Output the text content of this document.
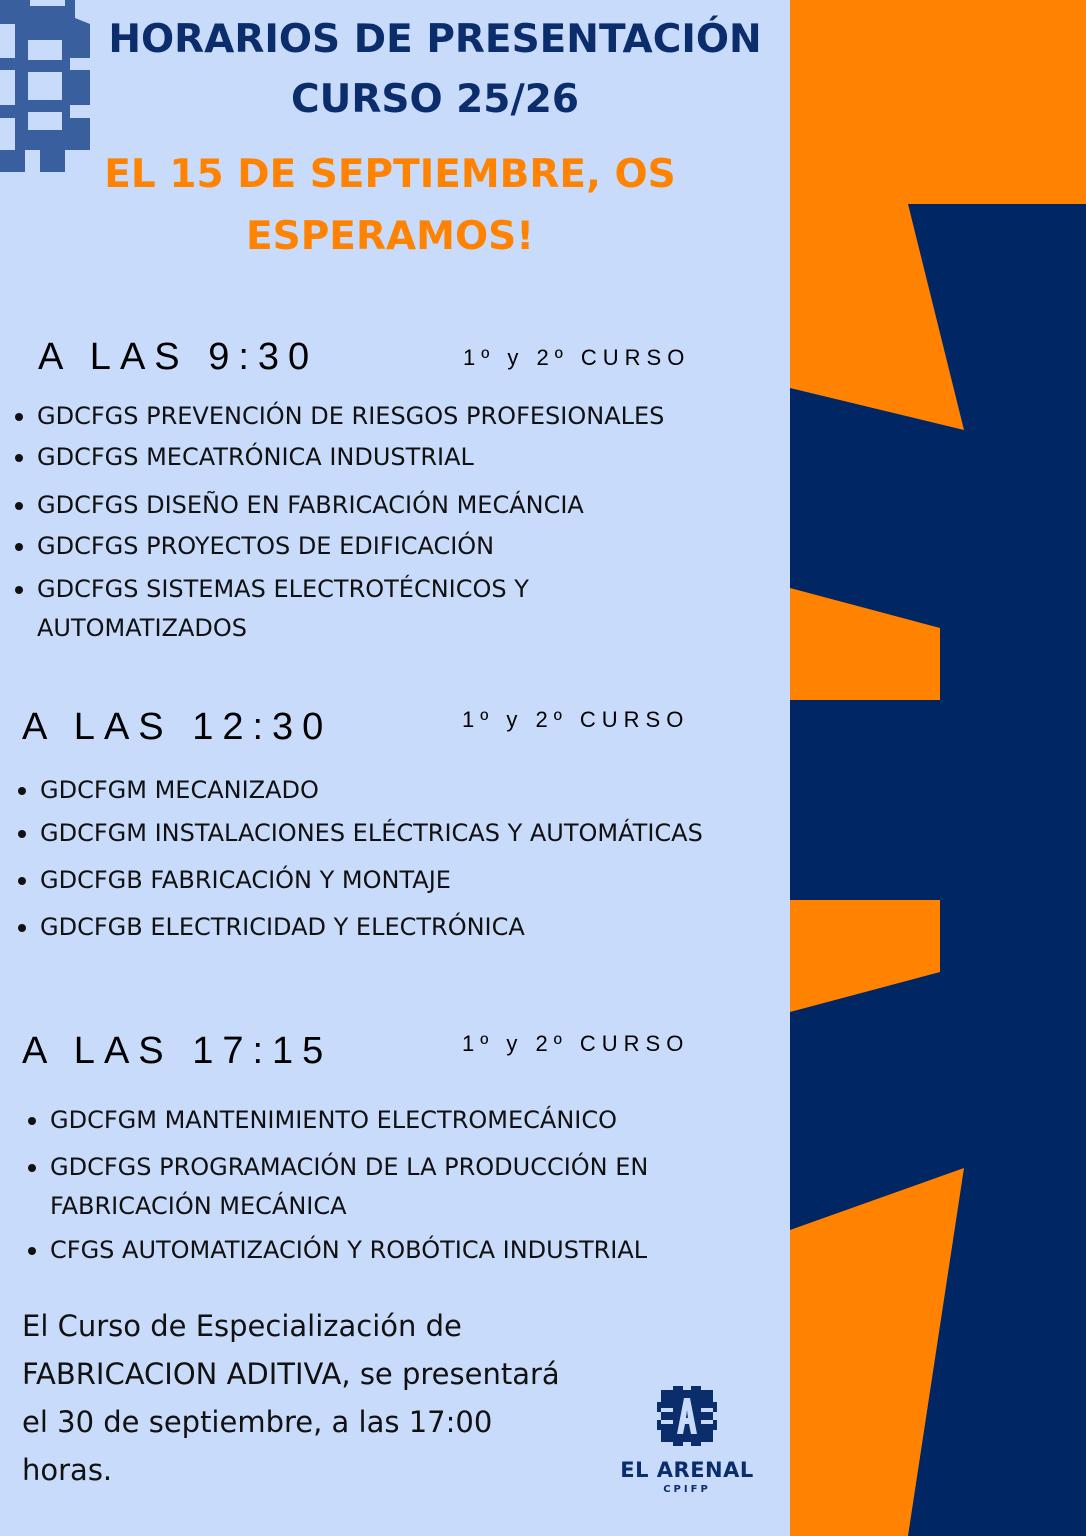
HORARIOS DE PRESENTACIÓN
CURSO 25/26
EL 15 DE SEPTIEMBRE, OS
ESPERAMOS!
A LAS 9:30	1º y 2º CURSO
GDCFGS PREVENCIÓN DE RIESGOS PROFESIONALES
GDCFGS MECATRÓNICA INDUSTRIAL
GDCFGS DISEÑO EN FABRICACIÓN MECÁNCIA
GDCFGS PROYECTOS DE EDIFICACIÓN
GDCFGS SISTEMAS ELECTROTÉCNICOS Y
AUTOMATIZADOS
A LAS 12:30	1º y 2º CURSO
GDCFGM MECANIZADO
GDCFGM INSTALACIONES ELÉCTRICAS Y AUTOMÁTICAS
GDCFGB FABRICACIÓN Y MONTAJE
GDCFGB ELECTRICIDAD Y ELECTRÓNICA
A LAS 17:15	1º y 2º CURSO
GDCFGM MANTENIMIENTO ELECTROMECÁNICO
GDCFGS PROGRAMACIÓN DE LA PRODUCCIÓN EN
FABRICACIÓN MECÁNICA
CFGS AUTOMATIZACIÓN Y ROBÓTICA INDUSTRIAL
El Curso de Especialización de
FABRICACION ADITIVA, se presentará
el 30 de septiembre, a las 17:00
horas.	EL ARENAL
CPIFP
